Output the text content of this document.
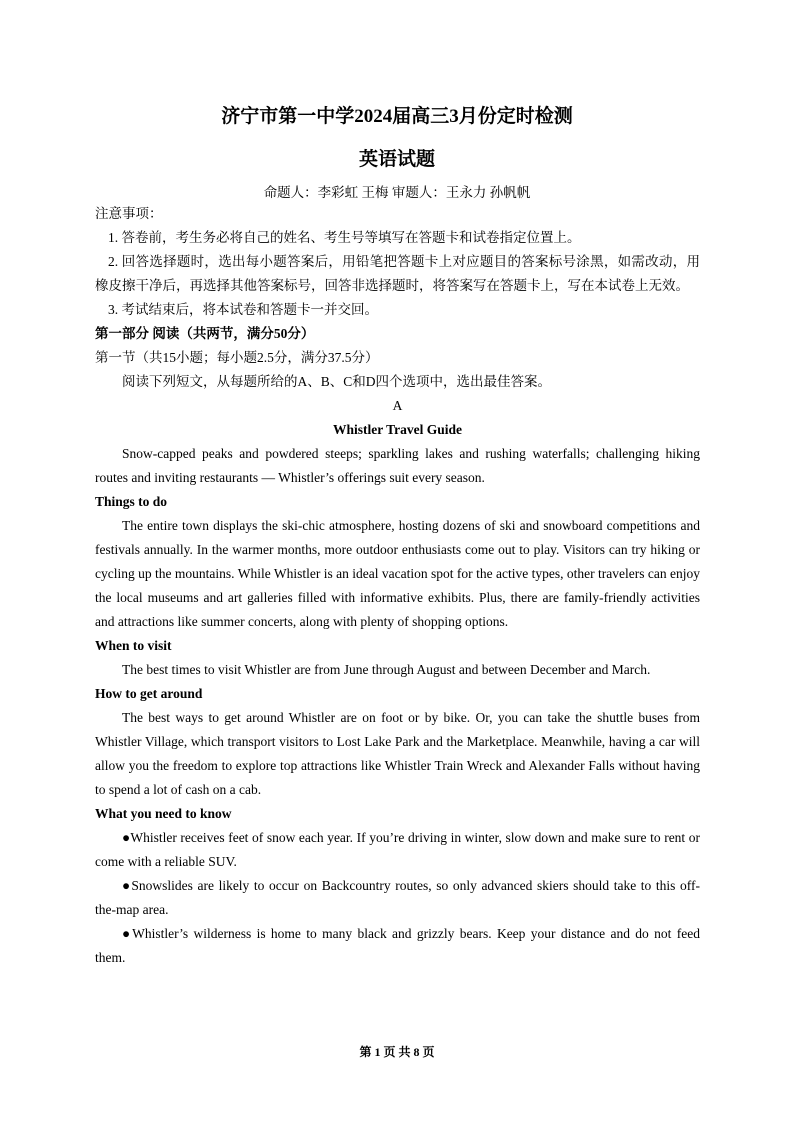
济宁市第一中学2024届高三3月份定时检测
英语试题
命题人：李彩虹 王梅 审题人：王永力 孙帆帆

注意事项：

1. 答卷前，考生务必将自己的姓名、考生号等填写在答题卡和试卷指定位置上。

2. 回答选择题时，选出每小题答案后，用铅笔把答题卡上对应题目的答案标号涂黑，如需改动，用橡皮擦干净后，再选择其他答案标号，回答非选择题时，将答案写在答题卡上，写在本试卷上无效。

3. 考试结束后，将本试卷和答题卡一并交回。

第一部分 阅读（共两节，满分50分）

第一节（共15小题；每小题2.5分，满分37.5分）

阅读下列短文，从每题所给的A、B、C和D四个选项中，选出最佳答案。

A

Whistler Travel Guide

Snow-capped peaks and powdered steeps; sparkling lakes and rushing waterfalls; challenging hiking routes and inviting restaurants — Whistler’s offerings suit every season.

Things to do

The entire town displays the ski-chic atmosphere, hosting dozens of ski and snowboard competitions and festivals annually. In the warmer months, more outdoor enthusiasts come out to play. Visitors can try hiking or cycling up the mountains. While Whistler is an ideal vacation spot for the active types, other travelers can enjoy the local museums and art galleries filled with informative exhibits. Plus, there are family-friendly activities and attractions like summer concerts, along with plenty of shopping options.

When to visit

The best times to visit Whistler are from June through August and between December and March.

How to get around

The best ways to get around Whistler are on foot or by bike. Or, you can take the shuttle buses from Whistler Village, which transport visitors to Lost Lake Park and the Marketplace. Meanwhile, having a car will allow you the freedom to explore top attractions like Whistler Train Wreck and Alexander Falls without having to spend a lot of cash on a cab.

What you need to know

●Whistler receives feet of snow each year. If you’re driving in winter, slow down and make sure to rent or come with a reliable SUV.

●Snowslides are likely to occur on Backcountry routes, so only advanced skiers should take to this off-the-map area.

●Whistler’s wilderness is home to many black and grizzly bears. Keep your distance and do not feed them.

第 1 页 共 8 页
